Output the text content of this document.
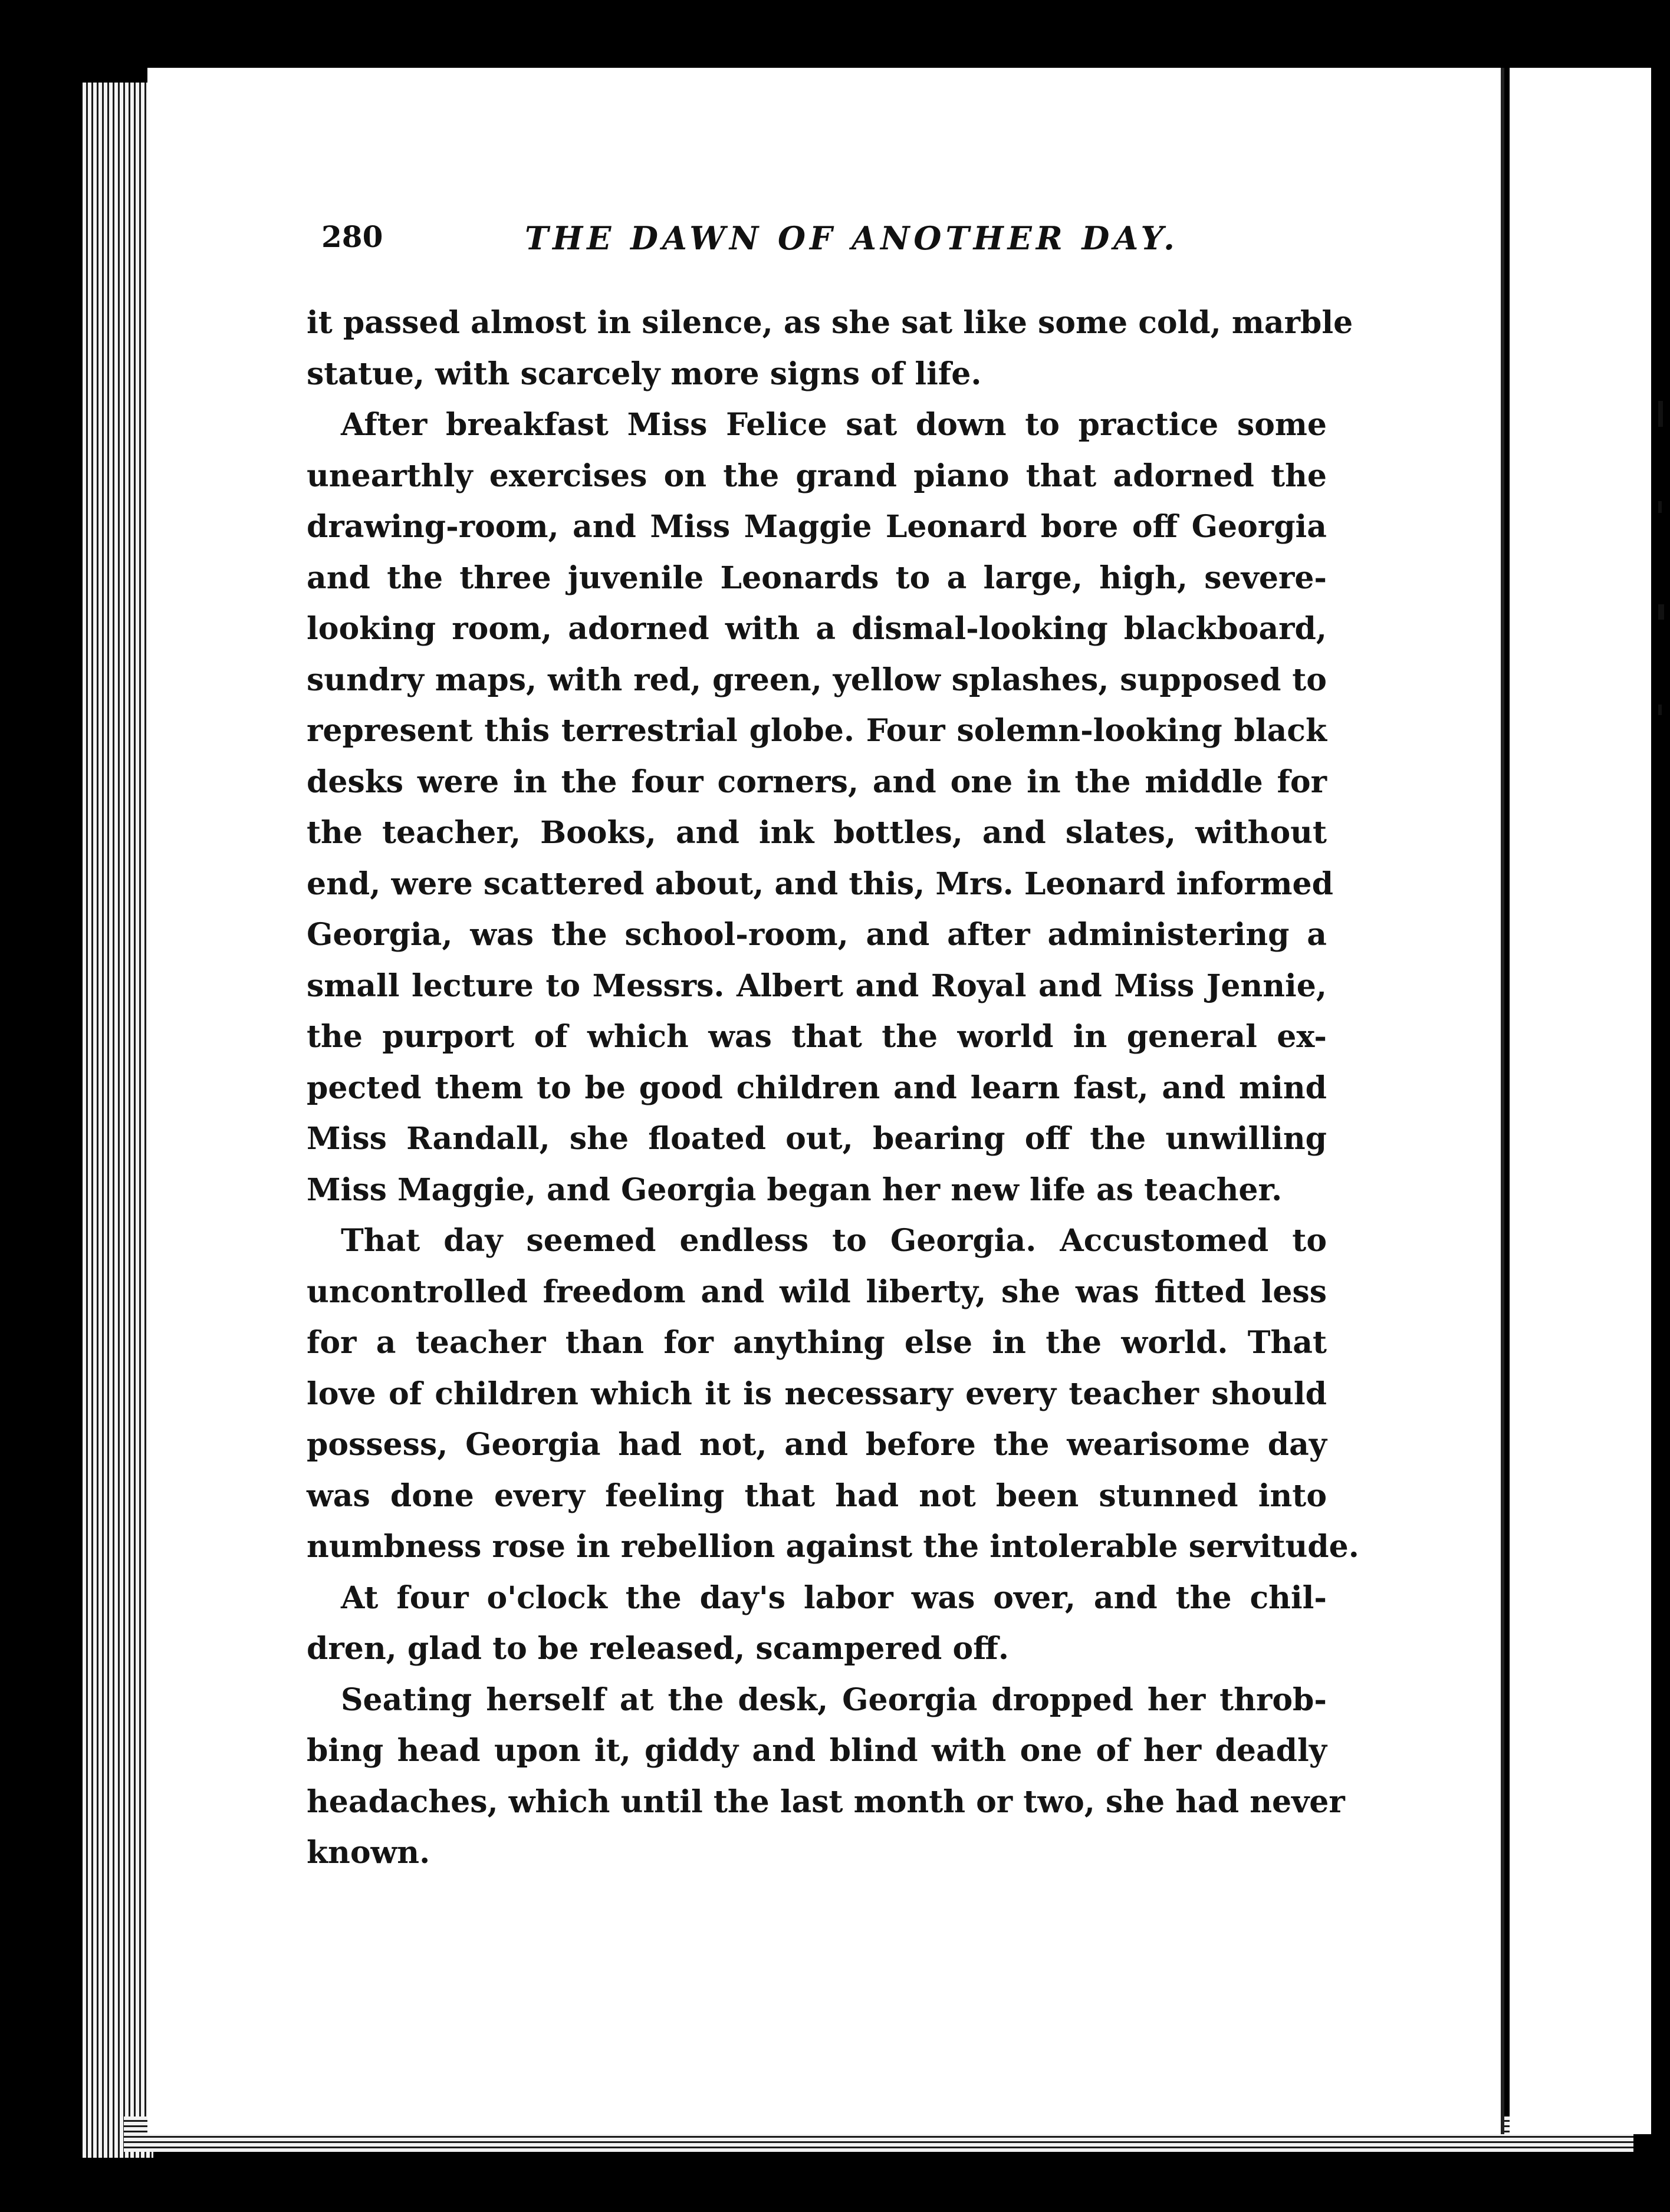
280	THE DAWN OF ANOTHER DAY.
it passed almost in silence, as she sat like some cold, marble
statue, with scarcely more signs of life.
After breakfast Miss Felice sat down to practice some
unearthly exercises on the grand piano that adorned the
drawing-room, and Miss Maggie Leonard bore off Georgia
and the three juvenile Leonards to a large, high, severe-
looking room, adorned with a dismal-looking blackboard,
sundry maps, with red, green, yellow splashes, supposed to
represent this terrestrial globe. Four solemn-looking black
desks were in the four corners, and one in the middle for
the teacher, Books, and ink bottles, and slates, without
end, were scattered about, and this, Mrs. Leonard informed
Georgia, was the school-room, and after administering a
small lecture to Messrs. Albert and Royal and Miss Jennie,
the purport of which was that the world in general ex-
pected them to be good children and learn fast, and mind
Miss Randall, she floated out, bearing off the unwilling
Miss Maggie, and Georgia began her new life as teacher.
That day seemed endless to Georgia. Accustomed to
uncontrolled freedom and wild liberty, she was fitted less
for a teacher than for anything else in the world. That
love of children which it is necessary every teacher should
possess, Georgia had not, and before the wearisome day
was done every feeling that had not been stunned into
numbness rose in rebellion against the intolerable servitude.
At four o'clock the day's labor was over, and the chil-
dren, glad to be released, scampered off.
Seating herself at the desk, Georgia dropped her throb-
bing head upon it, giddy and blind with one of her deadly
headaches, which until the last month or two, she had never
known.
